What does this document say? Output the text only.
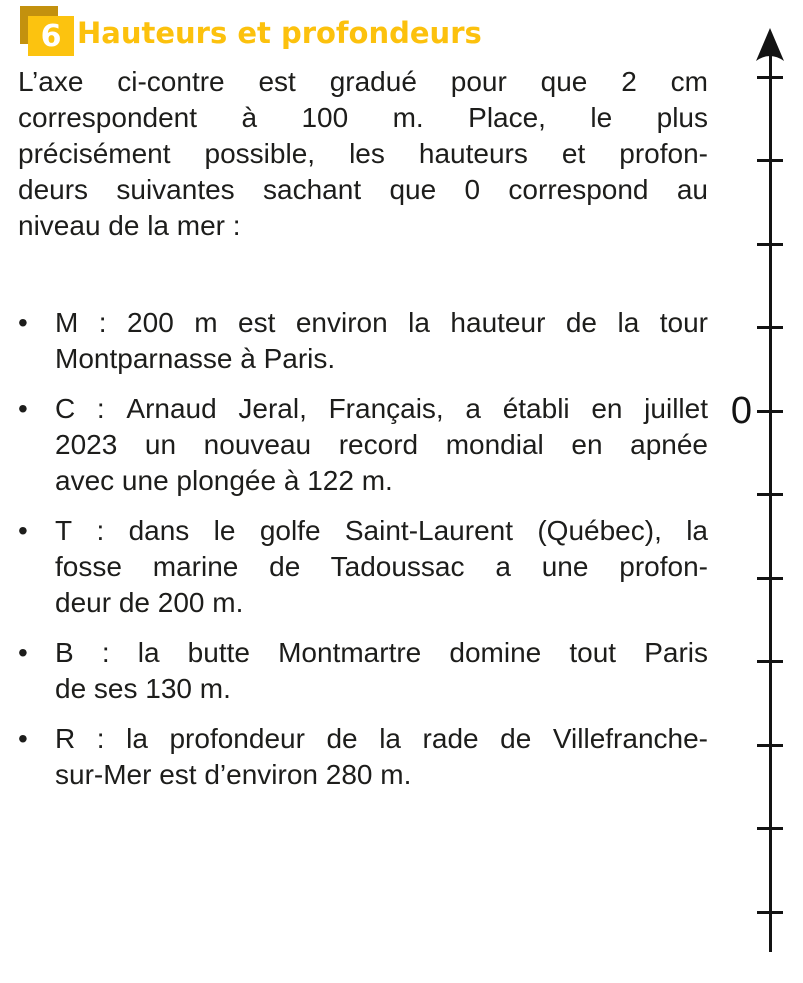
6 Hauteurs et profondeurs
L’axe ci-contre est gradué pour que 2 cm
correspondent à 100 m. Place, le plus
précisément possible, les hauteurs et profon-
deurs suivantes sachant que 0 correspond au
niveau de la mer :
• M : 200 m est environ la hauteur de la tour
Montparnasse à Paris.
• C : Arnaud Jeral, Français, a établi en juillet
2023 un nouveau record mondial en apnée
avec une plongée à 122 m.
• T : dans le golfe Saint-Laurent (Québec), la
fosse marine de Tadoussac a une profon-
deur de 200 m.
• B : la butte Montmartre domine tout Paris
de ses 130 m.
• R : la profondeur de la rade de Villefranche-
sur-Mer est d’environ 280 m.
0
